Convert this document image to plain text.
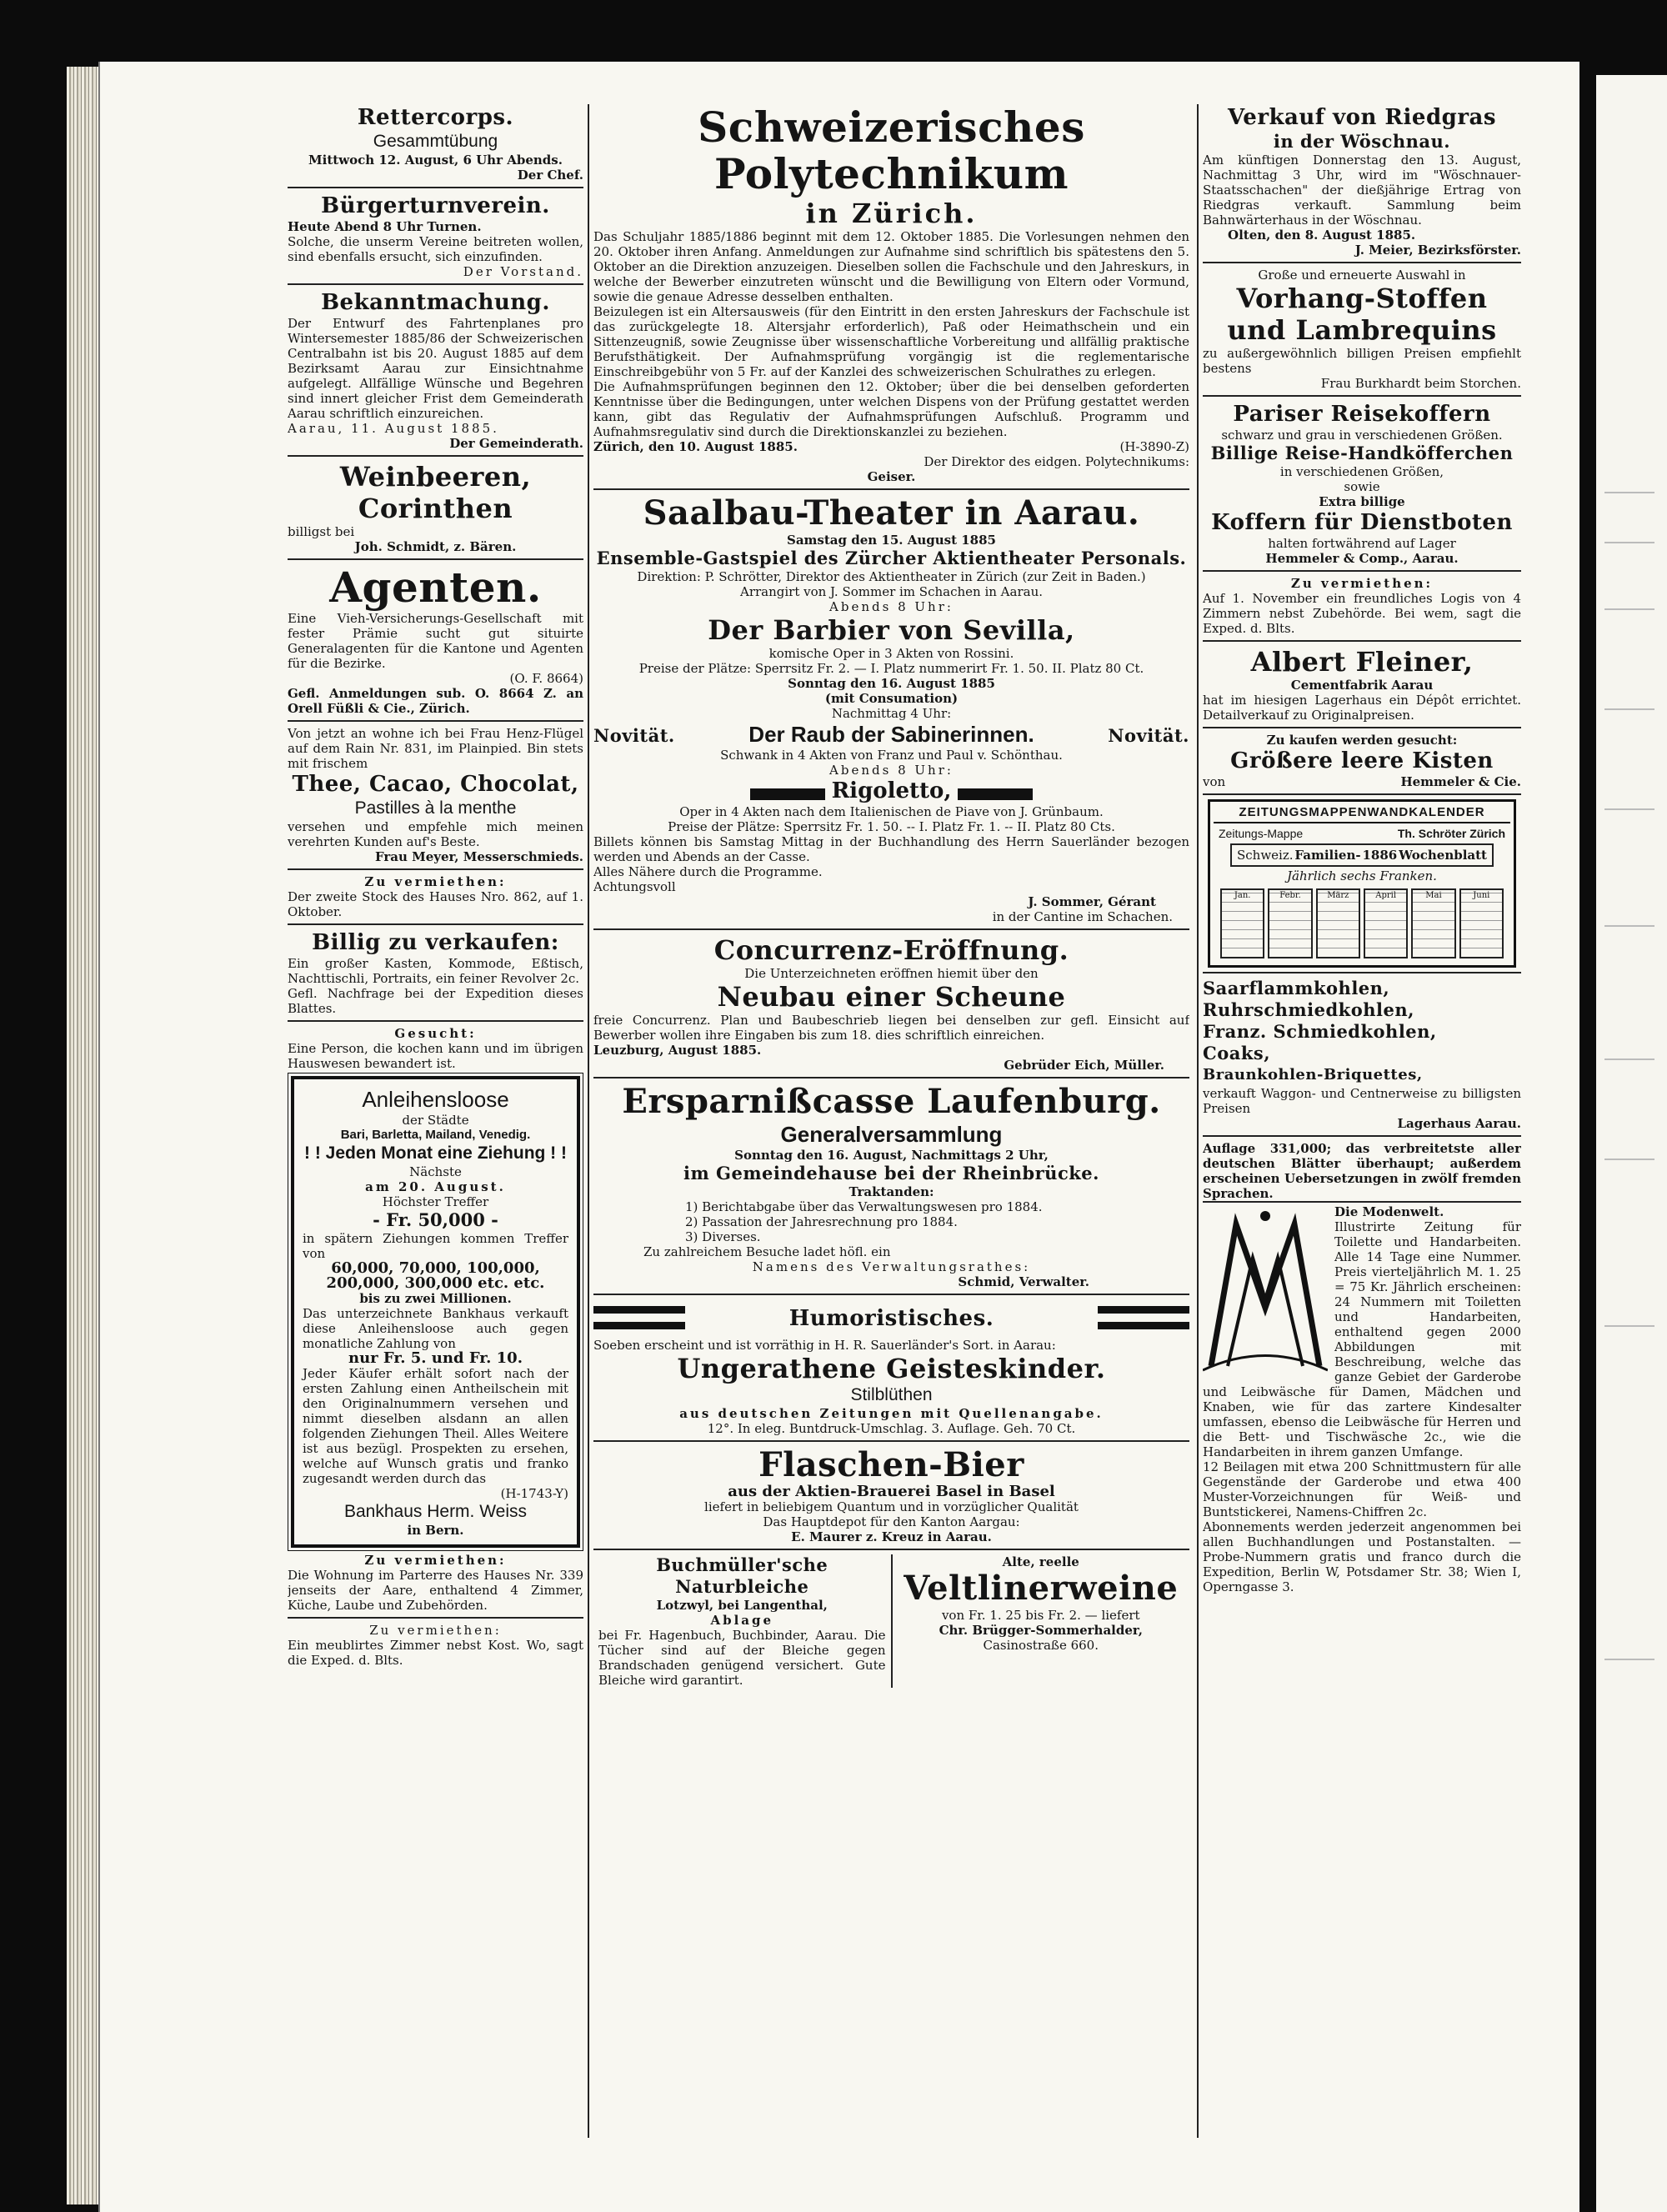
Rettercorps.

Gesammtübung

Mittwoch 12. August, 6 Uhr Abends.

Der Chef.

Bürgerturnverein.

Heute Abend 8 Uhr Turnen.

Solche, die unserm Vereine beitreten wollen, sind ebenfalls ersucht, sich einzufinden.

Der Vorstand.

Bekanntmachung.

Der Entwurf des Fahrtenplanes pro Wintersemester 1885/86 der Schweizerischen Centralbahn ist bis 20. August 1885 auf dem Bezirksamt Aarau zur Einsichtnahme aufgelegt. Allfällige Wünsche und Begehren sind innert gleicher Frist dem Gemeinderath Aarau schriftlich einzureichen.

Aarau, 11. August 1885.

Der Gemeinderath.

Weinbeeren,

Corinthen

billigst bei

Joh. Schmidt, z. Bären.

Agenten.

Eine Vieh-Versicherungs-Gesellschaft mit fester Prämie sucht gut situirte Generalagenten für die Kantone und Agenten für die Bezirke.

(O. F. 8664)

Gefl. Anmeldungen sub. O. 8664 Z. an Orell Füßli & Cie., Zürich.

Von jetzt an wohne ich bei Frau Henz-Flügel auf dem Rain Nr. 831, im Plainpied. Bin stets mit frischem

Thee, Cacao, Chocolat,

Pastilles à la menthe

versehen und empfehle mich meinen verehrten Kunden auf's Beste.

Frau Meyer, Messerschmieds.

Zu vermiethen:

Der zweite Stock des Hauses Nro. 862, auf 1. Oktober.

Billig zu verkaufen:

Ein großer Kasten, Kommode, Eßtisch, Nachttischli, Portraits, ein feiner Revolver 2c.

Gefl. Nachfrage bei der Expedition dieses Blattes.

Gesucht:

Eine Person, die kochen kann und im übrigen Hauswesen bewandert ist.

Anleihensloose

der Städte

Bari, Barletta, Mailand, Venedig.

! ! Jeden Monat eine Ziehung ! !

Nächste

am 20. August.

Höchster Treffer

- Fr. 50,000 -

in spätern Ziehungen kommen Treffer von

60,000, 70,000, 100,000,

200,000, 300,000 etc. etc.

bis zu zwei Millionen.

Das unterzeichnete Bankhaus verkauft diese Anleihensloose auch gegen monatliche Zahlung von

nur Fr. 5. und Fr. 10.

Jeder Käufer erhält sofort nach der ersten Zahlung einen Antheilschein mit den Originalnummern versehen und nimmt dieselben alsdann an allen folgenden Ziehungen Theil. Alles Weitere ist aus bezügl. Prospekten zu ersehen, welche auf Wunsch gratis und franko zugesandt werden durch das

(H-1743-Y)

Bankhaus Herm. Weiss

in Bern.

Zu vermiethen:

Die Wohnung im Parterre des Hauses Nr. 339 jenseits der Aare, enthaltend 4 Zimmer, Küche, Laube und Zubehörden.

Zu vermiethen:

Ein meublirtes Zimmer nebst Kost. Wo, sagt die Exped. d. Blts.

Schweizerisches Polytechnikum

in Zürich.

Das Schuljahr 1885/1886 beginnt mit dem 12. Oktober 1885. Die Vorlesungen nehmen den 20. Oktober ihren Anfang. Anmeldungen zur Aufnahme sind schriftlich bis spätestens den 5. Oktober an die Direktion anzuzeigen. Dieselben sollen die Fachschule und den Jahreskurs, in welche der Bewerber einzutreten wünscht und die Bewilligung von Eltern oder Vormund, sowie die genaue Adresse desselben enthalten.

Beizulegen ist ein Altersausweis (für den Eintritt in den ersten Jahreskurs der Fachschule ist das zurückgelegte 18. Altersjahr erforderlich), Paß oder Heimathschein und ein Sittenzeugniß, sowie Zeugnisse über wissenschaftliche Vorbereitung und allfällig praktische Berufsthätigkeit. Der Aufnahmsprüfung vorgängig ist die reglementarische Einschreibgebühr von 5 Fr. auf der Kanzlei des schweizerischen Schulrathes zu erlegen.

Die Aufnahmsprüfungen beginnen den 12. Oktober; über die bei denselben geforderten Kenntnisse über die Bedingungen, unter welchen Dispens von der Prüfung gestattet werden kann, gibt das Regulativ der Aufnahmsprüfungen Aufschluß. Programm und Aufnahmsregulativ sind durch die Direktionskanzlei zu beziehen.

Zürich, den 10. August 1885.	(H-3890-Z)

Der Direktor des eidgen. Polytechnikums:

Geiser.

Saalbau-Theater in Aarau.

Samstag den 15. August 1885

Ensemble-Gastspiel des Zürcher Aktientheater Personals.

Direktion: P. Schrötter, Direktor des Aktientheater in Zürich (zur Zeit in Baden.)

Arrangirt von J. Sommer im Schachen in Aarau.

Abends 8 Uhr:

Der Barbier von Sevilla,

komische Oper in 3 Akten von Rossini.

Preise der Plätze: Sperrsitz Fr. 2. — I. Platz nummerirt Fr. 1. 50. II. Platz 80 Ct.

Sonntag den 16. August 1885

(mit Consumation)

Nachmittag 4 Uhr:

Novität.	Der Raub der Sabinerinnen.	Novität.

Schwank in 4 Akten von Franz und Paul v. Schönthau.

Abends 8 Uhr:

Rigoletto,

Oper in 4 Akten nach dem Italienischen de Piave von J. Grünbaum.

Preise der Plätze: Sperrsitz Fr. 1. 50. -- I. Platz Fr. 1. -- II. Platz 80 Cts.

Billets können bis Samstag Mittag in der Buchhandlung des Herrn Sauerländer bezogen werden und Abends an der Casse.

Alles Nähere durch die Programme.

Achtungsvoll

J. Sommer, Gérant

in der Cantine im Schachen.

Concurrenz-Eröffnung.

Die Unterzeichneten eröffnen hiemit über den

Neubau einer Scheune

freie Concurrenz. Plan und Baubeschrieb liegen bei denselben zur gefl. Einsicht auf Bewerber wollen ihre Eingaben bis zum 18. dies schriftlich einreichen.

Leuzburg, August 1885.

Gebrüder Eich, Müller.

Ersparnißcasse Laufenburg.

Generalversammlung

Sonntag den 16. August, Nachmittags 2 Uhr,

im Gemeindehause bei der Rheinbrücke.

Traktanden:

1) Berichtabgabe über das Verwaltungswesen pro 1884.

2) Passation der Jahresrechnung pro 1884.

3) Diverses.

Zu zahlreichem Besuche ladet höfl. ein

Namens des Verwaltungsrathes:

Schmid, Verwalter.

Humoristisches.

Soeben erscheint und ist vorräthig in H. R. Sauerländer's Sort. in Aarau:

Ungerathene Geisteskinder.

Stilblüthen

aus deutschen Zeitungen mit Quellenangabe.

12°. In eleg. Buntdruck-Umschlag. 3. Auflage. Geh. 70 Ct.

Flaschen-Bier

aus der Aktien-Brauerei Basel in Basel

liefert in beliebigem Quantum und in vorzüglicher Qualität

Das Hauptdepot für den Kanton Aargau:

E. Maurer z. Kreuz in Aarau.

Buchmüller'sche Naturbleiche

Lotzwyl, bei Langenthal,

Ablage

bei Fr. Hagenbuch, Buchbinder, Aarau. Die Tücher sind auf der Bleiche gegen Brandschaden genügend versichert. Gute Bleiche wird garantirt.

Alte, reelle

Veltlinerweine

von Fr. 1. 25 bis Fr. 2. — liefert

Chr. Brügger-Sommerhalder,

Casinostraße 660.

Verkauf von Riedgras

in der Wöschnau.

Am künftigen Donnerstag den 13. August, Nachmittag 3 Uhr, wird im "Wöschnauer-Staatsschachen" der dießjährige Ertrag von Riedgras verkauft. Sammlung beim Bahnwärterhaus in der Wöschnau.

Olten, den 8. August 1885.

J. Meier, Bezirksförster.

Große und erneuerte Auswahl in

Vorhang-Stoffen

und Lambrequins

zu außergewöhnlich billigen Preisen empfiehlt bestens

Frau Burkhardt beim Storchen.

Pariser Reisekoffern

schwarz und grau in verschiedenen Größen.

Billige Reise-Handköfferchen

in verschiedenen Größen,

sowie

Extra billige

Koffern für Dienstboten

halten fortwährend auf Lager

Hemmeler & Comp., Aarau.

Zu vermiethen:

Auf 1. November ein freundliches Logis von 4 Zimmern nebst Zubehörde. Bei wem, sagt die Exped. d. Blts.

Albert Fleiner,

Cementfabrik Aarau

hat im hiesigen Lagerhaus ein Dépôt errichtet. Detailverkauf zu Originalpreisen.

Zu kaufen werden gesucht:

Größere leere Kisten

von	Hemmeler & Cie.

ZEITUNGSMAPPENWANDKALENDER

Zeitungs-Mappe	Th. Schröter Zürich
Schweiz. Familien- 1886 Wochenblatt

Jährlich sechs Franken.

Jan.	Febr.	März	April	Mai	Juni

Saarflammkohlen,

Ruhrschmiedkohlen,

Franz. Schmiedkohlen,

Coaks,

Braunkohlen-Briquettes,

verkauft Waggon- und Centnerweise zu billigsten Preisen

Lagerhaus Aarau.

Auflage 331,000; das verbreitetste aller deutschen Blätter überhaupt; außerdem erscheinen Uebersetzungen in zwölf fremden Sprachen.

Die Modenwelt.

Illustrirte Zeitung für Toilette und Handarbeiten. Alle 14 Tage eine Nummer. Preis vierteljährlich M. 1. 25 = 75 Kr. Jährlich erscheinen: 24 Nummern mit Toiletten und Handarbeiten, enthaltend gegen 2000 Abbildungen mit Beschreibung, welche das ganze Gebiet der Garderobe und Leibwäsche für Damen, Mädchen und Knaben, wie für das zartere Kindesalter umfassen, ebenso die Leibwäsche für Herren und die Bett- und Tischwäsche 2c., wie die Handarbeiten in ihrem ganzen Umfange.

12 Beilagen mit etwa 200 Schnittmustern für alle Gegenstände der Garderobe und etwa 400 Muster-Vorzeichnungen für Weiß- und Buntstickerei, Namens-Chiffren 2c.

Abonnements werden jederzeit angenommen bei allen Buchhandlungen und Postanstalten. — Probe-Nummern gratis und franco durch die Expedition, Berlin W, Potsdamer Str. 38; Wien I, Operngasse 3.
